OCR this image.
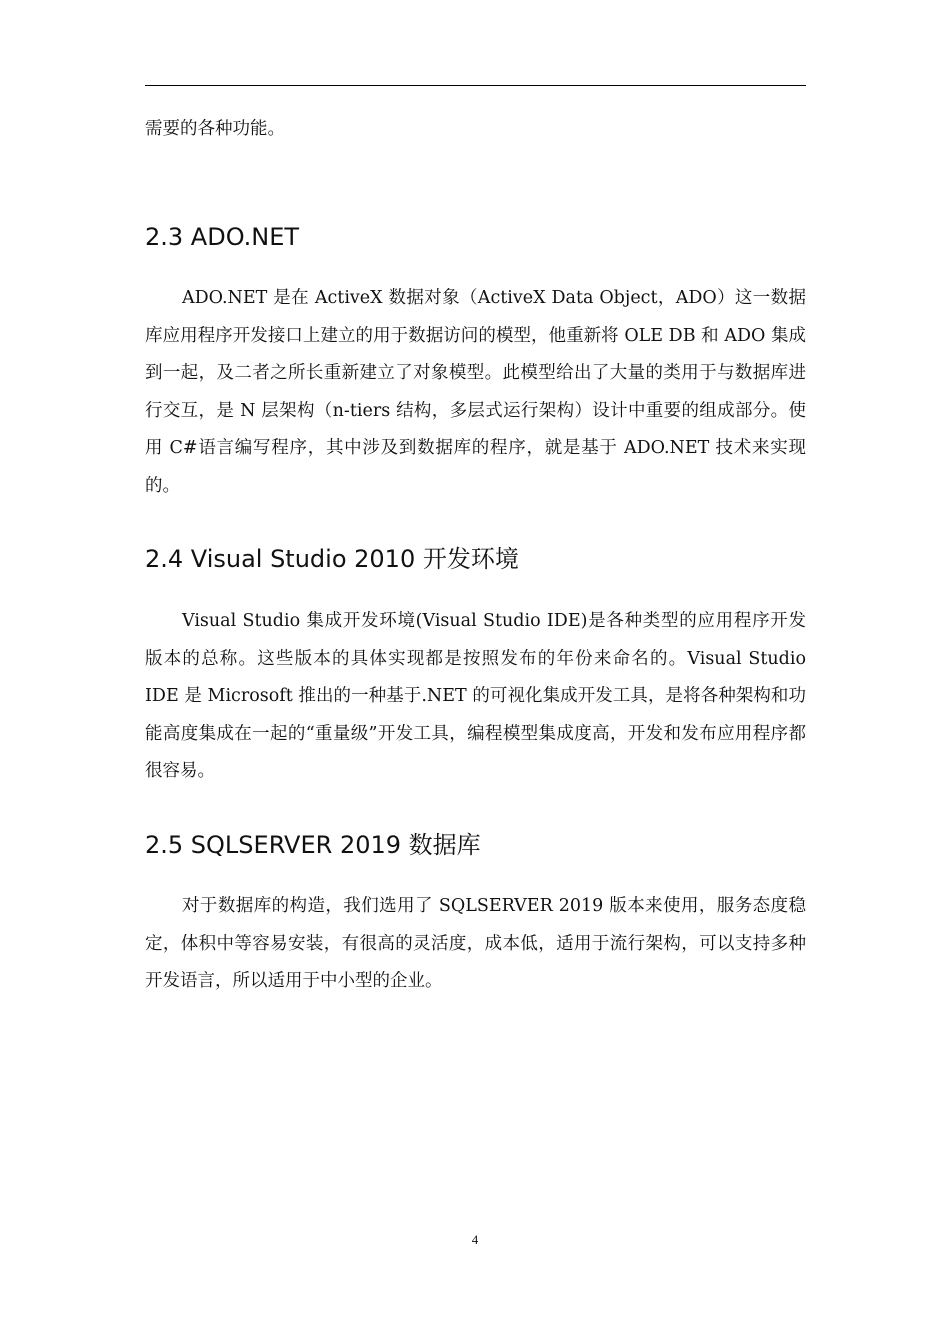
需要的各种功能。

2.3 ADO.NET

ADO.NET 是在 ActiveX 数据对象（ActiveX Data Object，ADO）这一数据库应用程序开发接口上建立的用于数据访问的模型，他重新将 OLE DB 和 ADO 集成到一起，及二者之所长重新建立了对象模型。此模型给出了大量的类用于与数据库进行交互，是 N 层架构（n-tiers 结构，多层式运行架构）设计中重要的组成部分。使用 C#语言编写程序，其中涉及到数据库的程序，就是基于 ADO.NET 技术来实现的。

2.4 Visual Studio 2010 开发环境

Visual Studio 集成开发环境(Visual Studio IDE)是各种类型的应用程序开发版本的总称。这些版本的具体实现都是按照发布的年份来命名的。Visual Studio IDE 是 Microsoft 推出的一种基于.NET 的可视化集成开发工具，是将各种架构和功能高度集成在一起的“重量级”开发工具，编程模型集成度高，开发和发布应用程序都很容易。

2.5 SQLSERVER 2019 数据库

对于数据库的构造，我们选用了 SQLSERVER 2019 版本来使用，服务态度稳定，体积中等容易安装，有很高的灵活度，成本低，适用于流行架构，可以支持多种开发语言，所以适用于中小型的企业。

4
